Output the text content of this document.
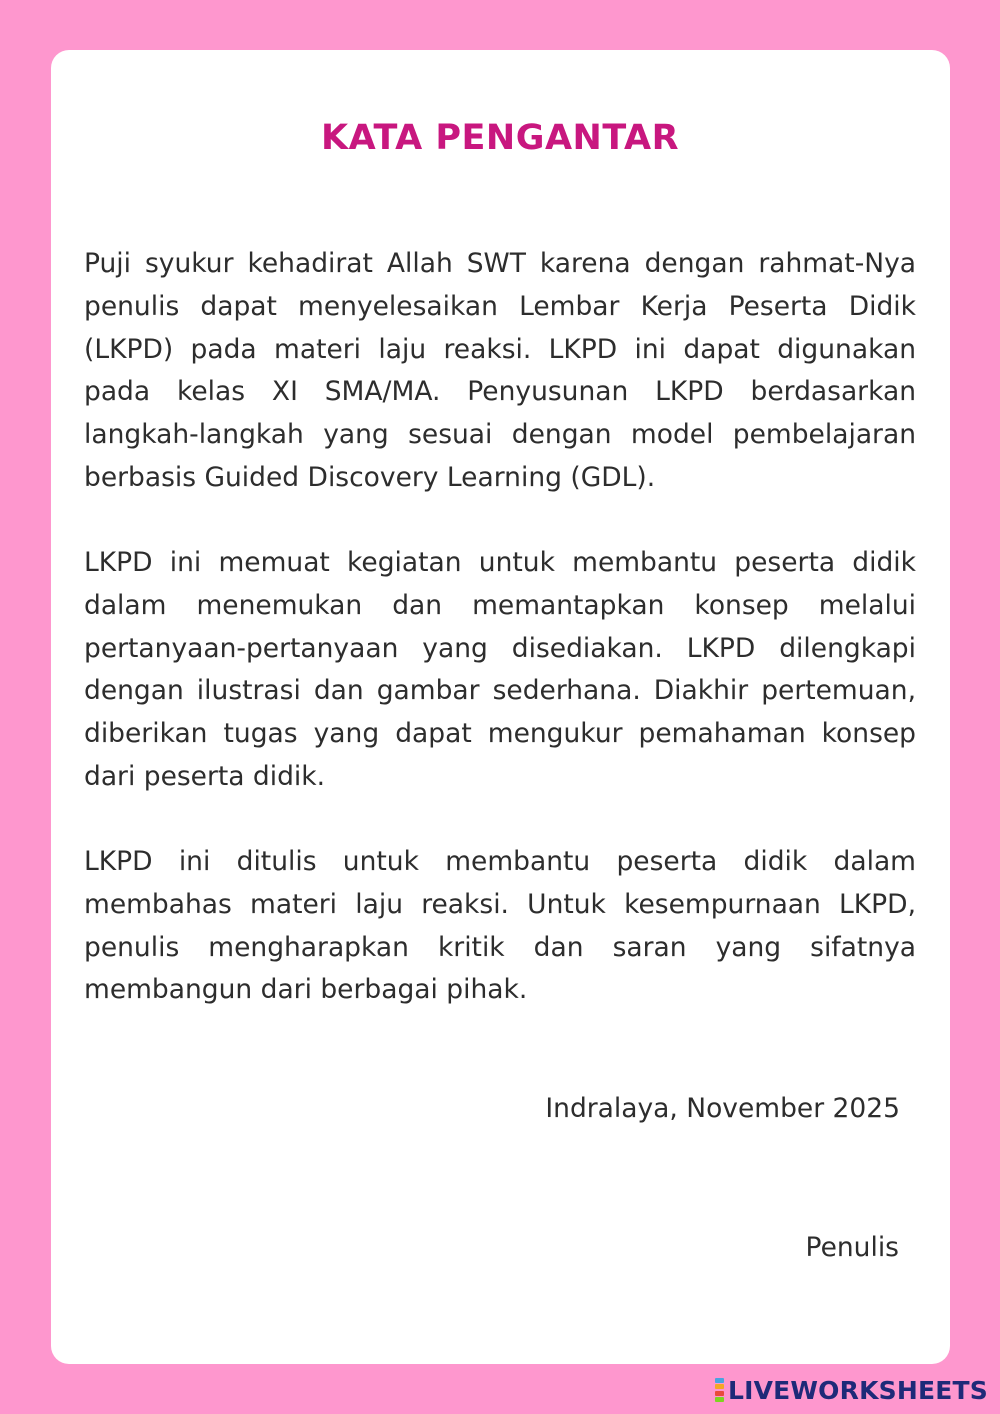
KATA PENGANTAR

Puji syukur kehadirat Allah SWT karena dengan rahmat-Nya penulis dapat menyelesaikan Lembar Kerja Peserta Didik (LKPD) pada materi laju reaksi. LKPD ini dapat digunakan pada kelas XI SMA/MA. Penyusunan LKPD berdasarkan langkah-langkah yang sesuai dengan model pembelajaran berbasis Guided Discovery Learning (GDL).

LKPD ini memuat kegiatan untuk membantu peserta didik dalam menemukan dan memantapkan konsep melalui pertanyaan-pertanyaan yang disediakan. LKPD dilengkapi dengan ilustrasi dan gambar sederhana. Diakhir pertemuan, diberikan tugas yang dapat mengukur pemahaman konsep dari peserta didik.

LKPD ini ditulis untuk membantu peserta didik dalam membahas materi laju reaksi. Untuk kesempurnaan LKPD, penulis mengharapkan kritik dan saran yang sifatnya membangun dari berbagai pihak.

Indralaya, November 2025

Penulis

LIVEWORKSHEETS
